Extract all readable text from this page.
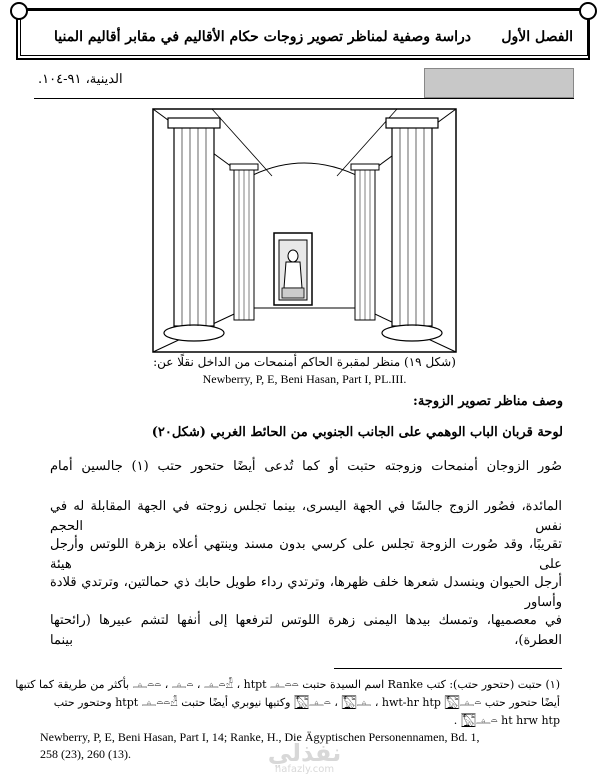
الفصل الأول
دراسة وصفية لمناظر تصوير زوجات حكام الأقاليم في مقابر أقاليم المنيا
الدينية، ٩١-١٠٤.
(شكل ١٩) منظر لمقبرة الحاكم أمنمحات من الداخل نقلًا عن:
Newberry, P, E, Beni Hasan, Part I, PL.III.
وصف مناظر تصوير الزوجة:
لوحة قربان الباب الوهمي على الجانب الجنوبي من الحائط الغربي (شكل٢٠)
صُور الزوجان أمنمحات وزوجته حتبت أو كما تُدعى أيضًا حتحور حتب (١) جالسين أمام
المائدة، فصُور الزوج جالسًا في الجهة اليسرى، بينما تجلس زوجته في الجهة المقابلة له في نفس الحجم
تقريبًا، وقد صُورت الزوجة تجلس على كرسي بدون مسند وينتهي أعلاه بزهرة اللوتس وأرجل على هيئة
أرجل الحيوان وينسدل شعرها خلف ظهرها، وترتدي رداء طويل حابك ذي حمالتين، وترتدي قلادة وأساور
في معصميها، وتمسك بيدها اليمنى زهرة اللوتس لترفعها إلى أنفها لتشم عبيرها (رائحتها العطرة)، بينما
(١) حتبت (حتحور حتب): كتب Ranke اسم السيدة حتبت 𓊵𓏏𓏏 ، 𓊵𓏏 ، 𓊵𓏏𓁐 ، htpt 𓊵𓏏𓏏 بأكثر من طريقة كما كتبها
أيضًا حتحور حتب 𓉡𓊵𓏏 ، 𓉡𓊵 ، hwt-hr htp 𓉡𓊵𓏏 وكتبها نيوبري أيضًا حتبت htpt 𓊵𓏏𓏏𓁐 وحتحور حتب
𓉡𓊵𓏏 ht hrw htp .
Newberry, P, E, Beni Hasan, Part I, 14; Ranke, H., Die Ägyptischen Personennamen, Bd. 1,
258 (23), 260 (13).	نفذلي
nafazly.com
